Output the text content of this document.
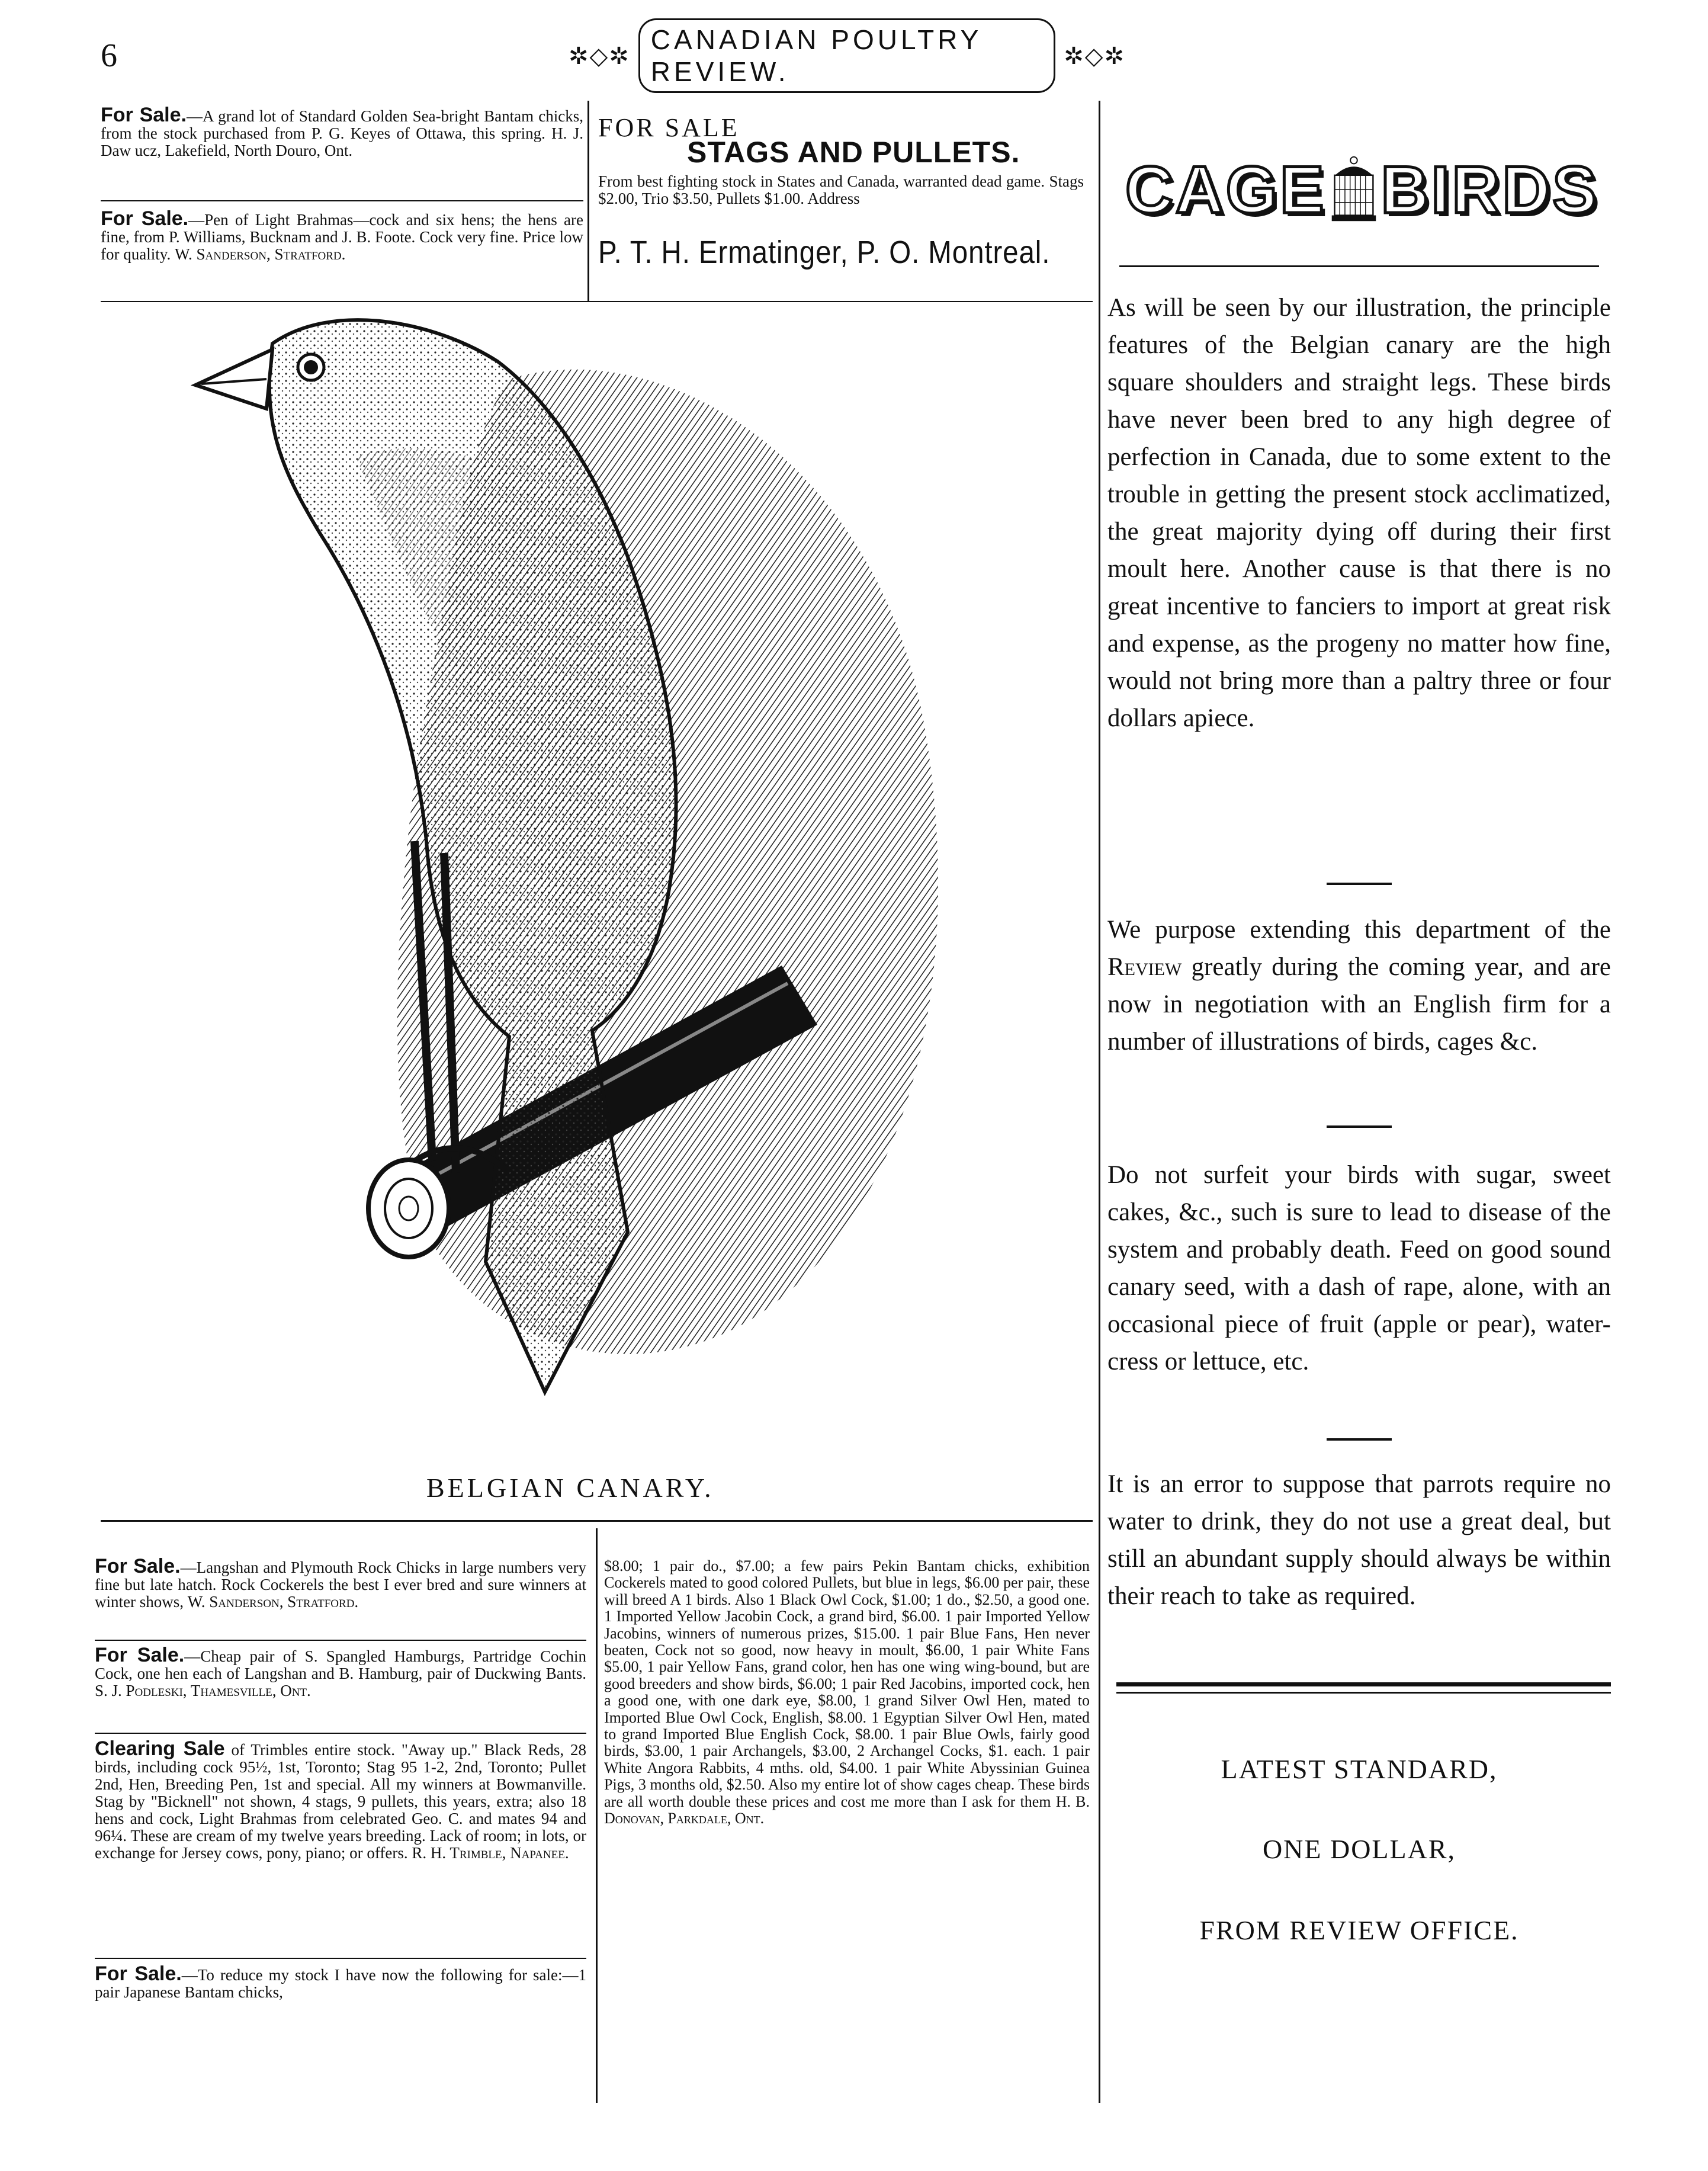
6	✲◇✲
CANADIAN POULTRY REVIEW.
✲◇✲
For Sale.—A grand lot of Standard Golden Sea-bright Bantam chicks, from the stock purchased from P. G. Keyes of Ottawa, this spring. H. J. Daw ucz, Lakefield, North Douro, Ont.
For Sale.—Pen of Light Brahmas—cock and six hens; the hens are fine, from P. Williams, Bucknam and J. B. Foote. Cock very fine. Price low for quality. W. Sanderson, Stratford.
FOR SALE
STAGS AND PULLETS.
From best fighting stock in States and Canada, warranted dead game. Stags $2.00, Trio $3.50, Pullets $1.00. Address
P. T. H. Ermatinger, P. O. Montreal.
CAGE BIRDS
As will be seen by our illustration, the principle features of the Belgian canary are the high square shoulders and straight legs. These birds have never been bred to any high degree of perfection in Canada, due to some extent to the trouble in getting the present stock acclimatized, the great majority dying off during their first moult here. Another cause is that there is no great incentive to fanciers to import at great risk and expense, as the progeny no matter how fine, would not bring more than a paltry three or four dollars apiece.
We purpose extending this department of the Review greatly during the coming year, and are now in negotiation with an English firm for a number of illustrations of birds, cages &c.
Do not surfeit your birds with sugar, sweet cakes, &c., such is sure to lead to disease of the system and probably death. Feed on good sound canary seed, with a dash of rape, alone, with an occasional piece of fruit (apple or pear), water-cress or lettuce, etc.
It is an error to suppose that parrots require no water to drink, they do not use a great deal, but still an abundant supply should always be within their reach to take as required.
LATEST STANDARD,
ONE DOLLAR,
FROM REVIEW OFFICE.
BELGIAN CANARY.
For Sale.—Langshan and Plymouth Rock Chicks in large numbers very fine but late hatch. Rock Cockerels the best I ever bred and sure winners at winter shows, W. Sanderson, Stratford.
For Sale.—Cheap pair of S. Spangled Hamburgs, Partridge Cochin Cock, one hen each of Langshan and B. Hamburg, pair of Duckwing Bants. S. J. Podleski, Thamesville, Ont.
Clearing Sale of Trimbles entire stock. "Away up." Black Reds, 28 birds, including cock 95½, 1st, Toronto; Stag 95 1-2, 2nd, Toronto; Pullet 2nd, Hen, Breeding Pen, 1st and special. All my winners at Bowmanville. Stag by "Bicknell" not shown, 4 stags, 9 pullets, this years, extra; also 18 hens and cock, Light Brahmas from celebrated Geo. C. and mates 94 and 96¼. These are cream of my twelve years breeding. Lack of room; in lots, or exchange for Jersey cows, pony, piano; or offers. R. H. Trimble, Napanee.
For Sale.—To reduce my stock I have now the following for sale:—1 pair Japanese Bantam chicks,
$8.00; 1 pair do., $7.00; a few pairs Pekin Bantam chicks, exhibition Cockerels mated to good colored Pullets, but blue in legs, $6.00 per pair, these will breed A 1 birds. Also 1 Black Owl Cock, $1.00; 1 do., $2.50, a good one. 1 Imported Yellow Jacobin Cock, a grand bird, $6.00. 1 pair Imported Yellow Jacobins, winners of numerous prizes, $15.00. 1 pair Blue Fans, Hen never beaten, Cock not so good, now heavy in moult, $6.00, 1 pair White Fans $5.00, 1 pair Yellow Fans, grand color, hen has one wing wing-bound, but are good breeders and show birds, $6.00; 1 pair Red Jacobins, imported cock, hen a good one, with one dark eye, $8.00, 1 grand Silver Owl Hen, mated to Imported Blue Owl Cock, English, $8.00. 1 Egyptian Silver Owl Hen, mated to grand Imported Blue English Cock, $8.00. 1 pair Blue Owls, fairly good birds, $3.00, 1 pair Archangels, $3.00, 2 Archangel Cocks, $1. each. 1 pair White Angora Rabbits, 4 mths. old, $4.00. 1 pair White Abyssinian Guinea Pigs, 3 months old, $2.50. Also my entire lot of show cages cheap. These birds are all worth double these prices and cost me more than I ask for them H. B. Donovan, Parkdale, Ont.
